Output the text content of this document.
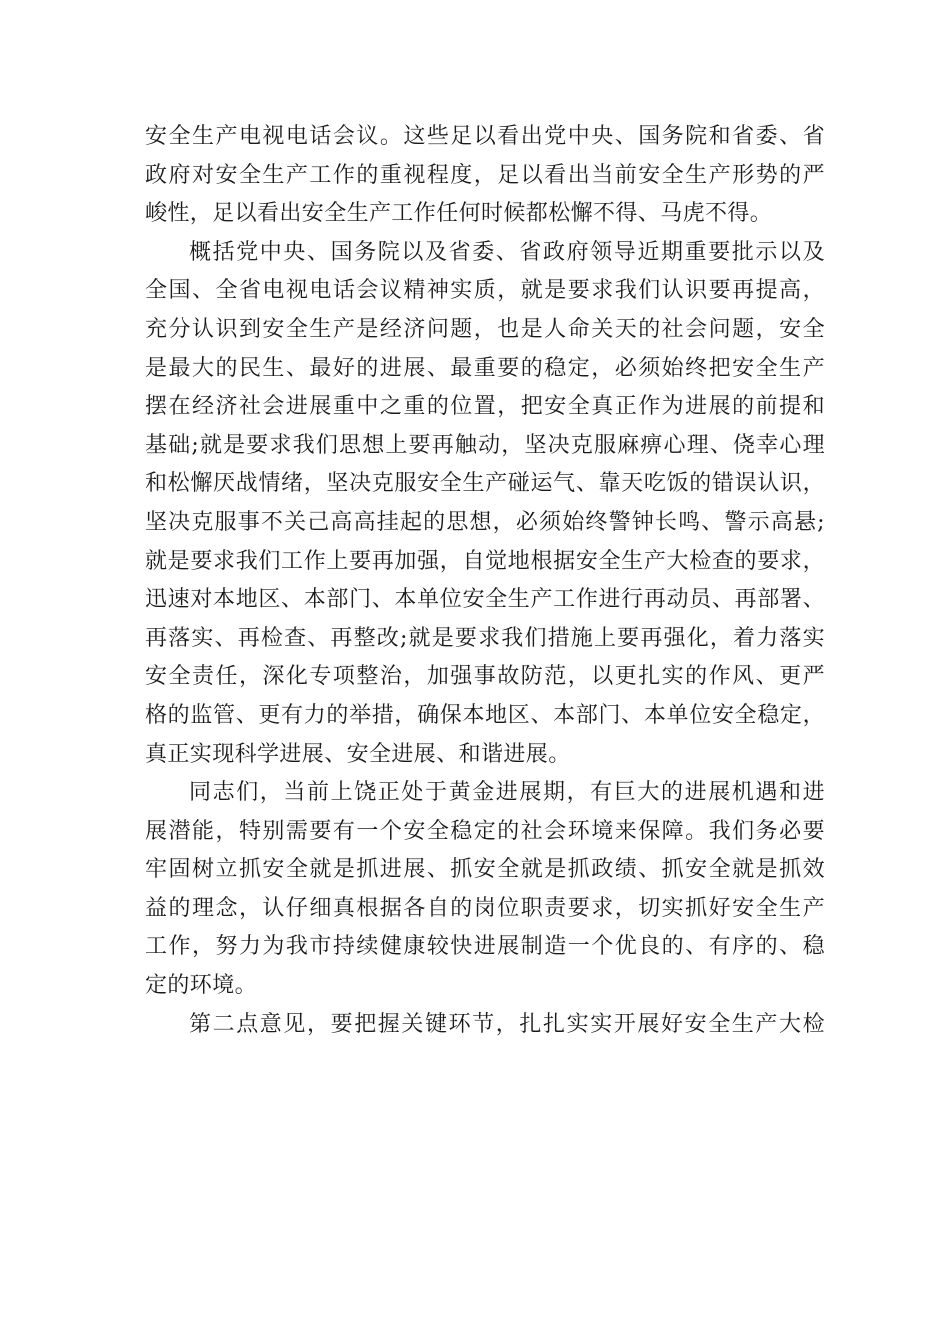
安全生产电视电话会议。这些足以看出党中央、国务院和省委、省
政府对安全生产工作的重视程度，足以看出当前安全生产形势的严
峻性，足以看出安全生产工作任何时候都松懈不得、马虎不得。
概括党中央、国务院以及省委、省政府领导近期重要批示以及
全国、全省电视电话会议精神实质，就是要求我们认识要再提高，
充分认识到安全生产是经济问题，也是人命关天的社会问题，安全
是最大的民生、最好的进展、最重要的稳定，必须始终把安全生产
摆在经济社会进展重中之重的位置，把安全真正作为进展的前提和
基础;就是要求我们思想上要再触动，坚决克服麻痹心理、侥幸心理
和松懈厌战情绪，坚决克服安全生产碰运气、靠天吃饭的错误认识，
坚决克服事不关己高高挂起的思想，必须始终警钟长鸣、警示高悬;
就是要求我们工作上要再加强，自觉地根据安全生产大检查的要求，
迅速对本地区、本部门、本单位安全生产工作进行再动员、再部署、
再落实、再检查、再整改;就是要求我们措施上要再强化，着力落实
安全责任，深化专项整治，加强事故防范，以更扎实的作风、更严
格的监管、更有力的举措，确保本地区、本部门、本单位安全稳定，
真正实现科学进展、安全进展、和谐进展。
同志们，当前上饶正处于黄金进展期，有巨大的进展机遇和进
展潜能，特别需要有一个安全稳定的社会环境来保障。我们务必要
牢固树立抓安全就是抓进展、抓安全就是抓政绩、抓安全就是抓效
益的理念，认仔细真根据各自的岗位职责要求，切实抓好安全生产
工作，努力为我市持续健康较快进展制造一个优良的、有序的、稳
定的环境。
第二点意见，要把握关键环节，扎扎实实开展好安全生产大检
